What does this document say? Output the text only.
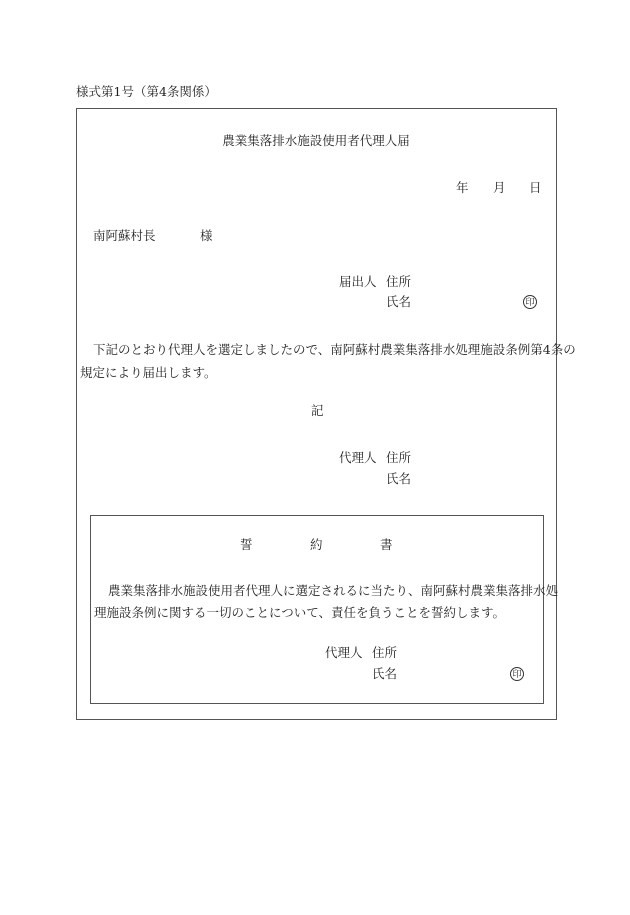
様式第1号（第4条関係）
農業集落排水施設使用者代理人届
年 月 日
南阿蘇村長	様
届出人 住所
氏名	印
下記のとおり代理人を選定しましたので、南阿蘇村農業集落排水処理施設条例第4条の
規定により届出します。
記
代理人 住所
氏名
誓	約	書
農業集落排水施設使用者代理人に選定されるに当たり、南阿蘇村農業集落排水処
理施設条例に関する一切のことについて、責任を負うことを誓約します。
代理人 住所
氏名	印
